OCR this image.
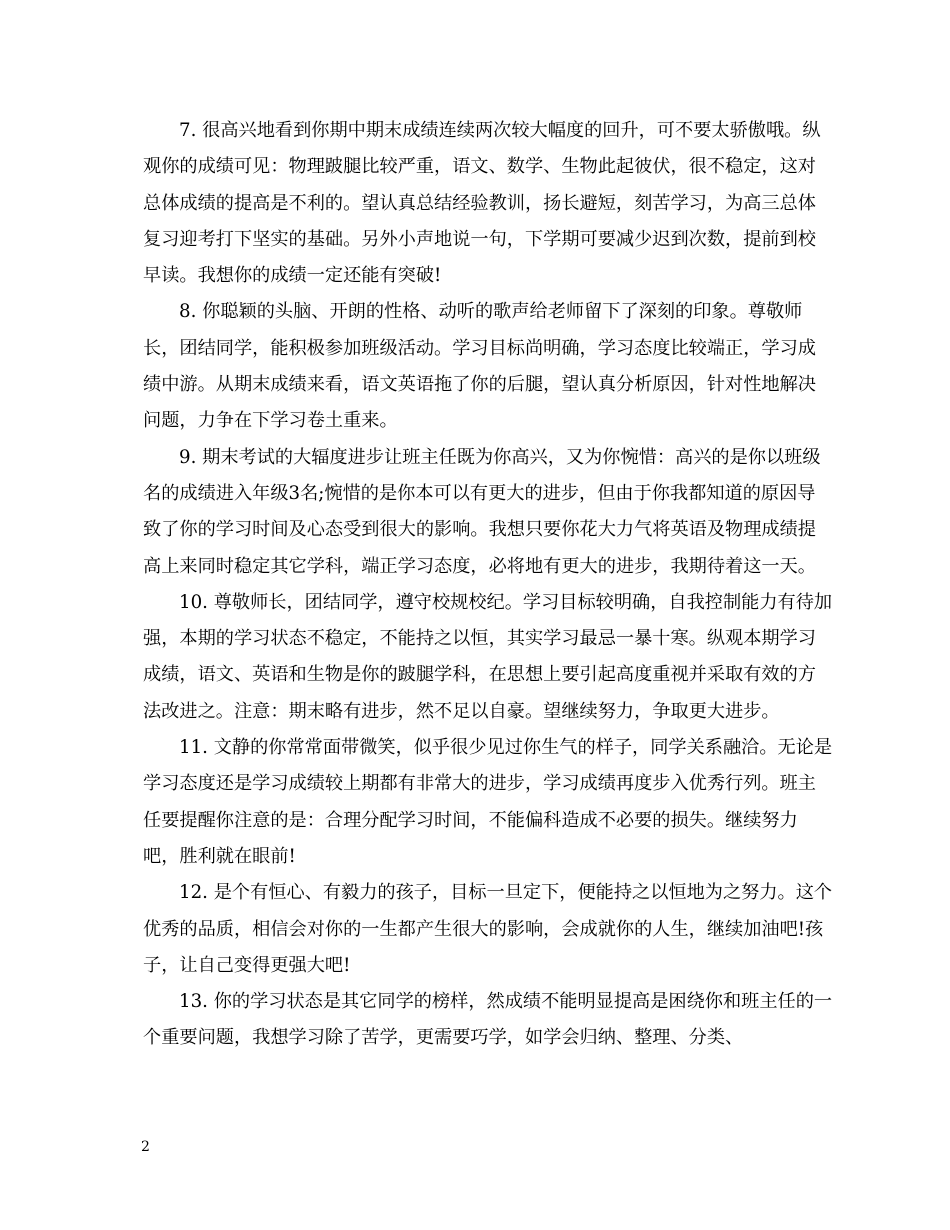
7. 很高兴地看到你期中期末成绩连续两次较大幅度的回升，可不要太骄傲哦。纵观你的成绩可见：物理跛腿比较严重，语文、数学、生物此起彼伏，很不稳定，这对总体成绩的提高是不利的。望认真总结经验教训，扬长避短，刻苦学习，为高三总体复习迎考打下坚实的基础。另外小声地说一句，下学期可要减少迟到次数，提前到校早读。我想你的成绩一定还能有突破!

8. 你聪颖的头脑、开朗的性格、动听的歌声给老师留下了深刻的印象。尊敬师长，团结同学，能积极参加班级活动。学习目标尚明确，学习态度比较端正，学习成绩中游。从期末成绩来看，语文英语拖了你的后腿，望认真分析原因，针对性地解决问题，力争在下学习卷土重来。

9. 期末考试的大辐度进步让班主任既为你高兴，又为你惋惜：高兴的是你以班级名的成绩进入年级3名;惋惜的是你本可以有更大的进步，但由于你我都知道的原因导致了你的学习时间及心态受到很大的影响。我想只要你花大力气将英语及物理成绩提高上来同时稳定其它学科，端正学习态度，必将地有更大的进步，我期待着这一天。

10. 尊敬师长，团结同学，遵守校规校纪。学习目标较明确，自我控制能力有待加强，本期的学习状态不稳定，不能持之以恒，其实学习最忌一暴十寒。纵观本期学习成绩，语文、英语和生物是你的跛腿学科，在思想上要引起高度重视并采取有效的方法改进之。注意：期末略有进步，然不足以自豪。望继续努力，争取更大进步。

11. 文静的你常常面带微笑，似乎很少见过你生气的样子，同学关系融洽。无论是学习态度还是学习成绩较上期都有非常大的进步，学习成绩再度步入优秀行列。班主任要提醒你注意的是：合理分配学习时间，不能偏科造成不必要的损失。继续努力吧，胜利就在眼前!

12. 是个有恒心、有毅力的孩子，目标一旦定下，便能持之以恒地为之努力。这个优秀的品质，相信会对你的一生都产生很大的影响，会成就你的人生，继续加油吧!孩子，让自己变得更强大吧!

13. 你的学习状态是其它同学的榜样，然成绩不能明显提高是困绕你和班主任的一个重要问题，我想学习除了苦学，更需要巧学，如学会归纳、整理、分类、

2
